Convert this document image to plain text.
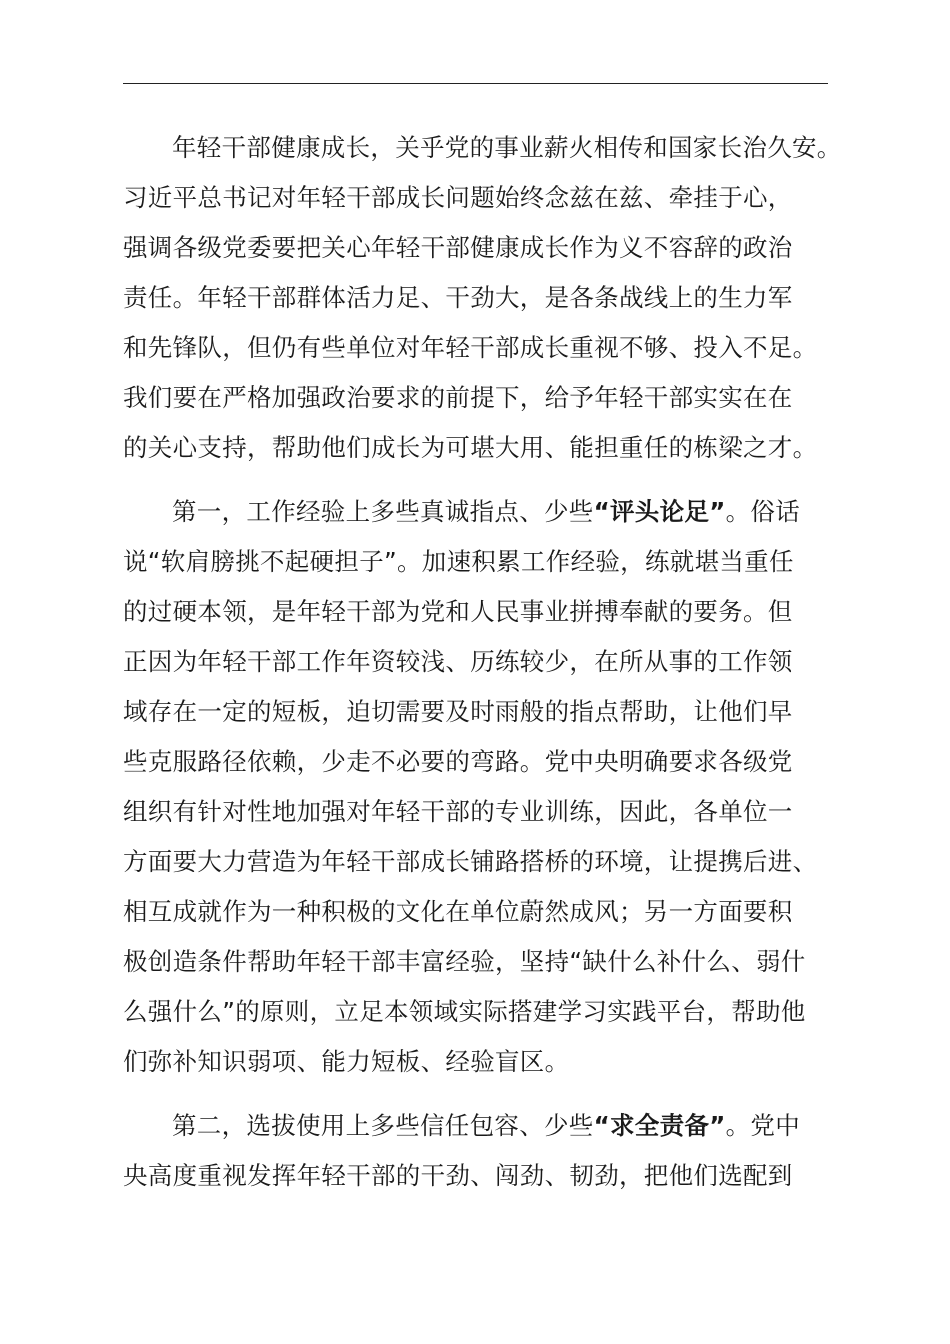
年轻干部健康成长，关乎党的事业薪火相传和国家长治久安。
习近平总书记对年轻干部成长问题始终念兹在兹、牵挂于心，
强调各级党委要把关心年轻干部健康成长作为义不容辞的政治
责任。年轻干部群体活力足、干劲大，是各条战线上的生力军
和先锋队，但仍有些单位对年轻干部成长重视不够、投入不足。
我们要在严格加强政治要求的前提下，给予年轻干部实实在在
的关心支持，帮助他们成长为可堪大用、能担重任的栋梁之才。

第一，工作经验上多些真诚指点、少些“评头论足”。俗话
说“软肩膀挑不起硬担子”。加速积累工作经验，练就堪当重任
的过硬本领，是年轻干部为党和人民事业拼搏奉献的要务。但
正因为年轻干部工作年资较浅、历练较少，在所从事的工作领
域存在一定的短板，迫切需要及时雨般的指点帮助，让他们早
些克服路径依赖，少走不必要的弯路。党中央明确要求各级党
组织有针对性地加强对年轻干部的专业训练，因此，各单位一
方面要大力营造为年轻干部成长铺路搭桥的环境，让提携后进、
相互成就作为一种积极的文化在单位蔚然成风；另一方面要积
极创造条件帮助年轻干部丰富经验，坚持“缺什么补什么、弱什
么强什么”的原则，立足本领域实际搭建学习实践平台，帮助他
们弥补知识弱项、能力短板、经验盲区。

第二，选拔使用上多些信任包容、少些“求全责备”。党中
央高度重视发挥年轻干部的干劲、闯劲、韧劲，把他们选配到
